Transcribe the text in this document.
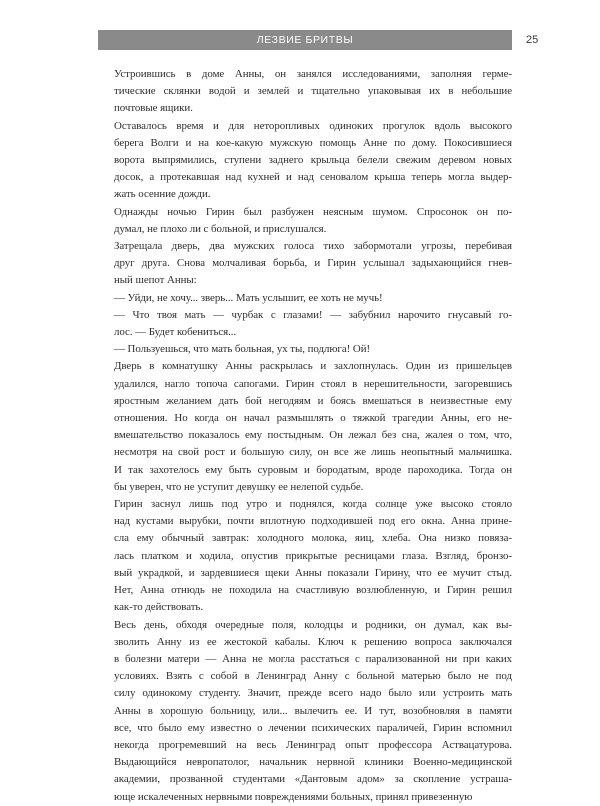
ЛЕЗВИЕ БРИТВЫ	25
Устроившись в доме Анны, он занялся исследованиями, заполняя гермe-
тические склянки водой и землей и тщательно упаковывая их в небольшие
почтовые ящики.
Оставалось время и для неторопливых одиноких прогулок вдоль высокого
берега Волги и на кое-какую мужскую помощь Анне по дому. Покосившиеся
ворота выпрямились, ступени заднего крыльца белели свежим деревом новых
досок, а протекавшая над кухней и над сеновалом крыша теперь могла выдер-
жать осенние дожди.
Однажды ночью Гирин был разбужен неясным шумом. Спросонок он по-
думал, не плохо ли с больной, и прислушался.
Затрещала дверь, два мужских голоса тихо забормотали угрозы, перебивая
друг друга. Снова молчаливая борьба, и Гирин услышал задыхающийся гнев-
ный шепот Анны:
— Уйди, не хочу... зверь... Мать услышит, ее хоть не мучь!
— Что твоя мать — чурбак с глазами! — забубнил нарочито гнусавый го-
лос. — Будет кобениться...
— Пользуешься, что мать больная, ух ты, подлюга! Ой!
Дверь в комнатушку Анны раскрылась и захлопнулась. Один из пришельцев
удалился, нагло топоча сапогами. Гирин стоял в нерешительности, загоревшись
яростным желанием дать бой негодяям и боясь вмешаться в неизвестные ему
отношения. Но когда он начал размышлять о тяжкой трагедии Анны, его не-
вмешательство показалось ему постыдным. Он лежал без сна, жалея о том, что,
несмотря на свой рост и большую силу, он все же лишь неопытный мальчишка.
И так захотелось ему быть суровым и бородатым, вроде пароходика. Тогда он
бы уверен, что не уступит девушку ее нелепой судьбе.
Гирин заснул лишь под утро и поднялся, когда солнце уже высоко стояло
над кустами вырубки, почти вплотную подходившей под его окна. Анна прине-
сла ему обычный завтрак: холодного молока, яиц, хлеба. Она низко повяза-
лась платком и ходила, опустив прикрытые ресницами глаза. Взгляд, бронзо-
вый украдкой, и зардевшиеся щеки Анны показали Гирину, что ее мучит стыд.
Нет, Анна отнюдь не походила на счастливую возлюбленную, и Гирин решил
как-то действовать.
Весь день, обходя очередные поля, колодцы и родники, он думал, как вы-
зволить Анну из ее жестокой кабалы. Ключ к решению вопроса заключался
в болезни матери — Анна не могла расстаться с парализованной ни при каких
условиях. Взять с собой в Ленинград Анну с больной матерью было не под
силу одинокому студенту. Значит, прежде всего надо было или устроить мать
Анны в хорошую больницу, или... вылечить ее. И тут, возобновляя в памяти
все, что было ему известно о лечении психических параличей, Гирин вспомнил
некогда прогремевший на весь Ленинград опыт профессора Аствацатурова.
Выдающийся невропатолог, начальник нервной клиники Военно-медицинской
академии, прозванной студентами «Дантовым адом» за скопление устраша-
юще искалеченных нервными повреждениями больных, принял привезенную
